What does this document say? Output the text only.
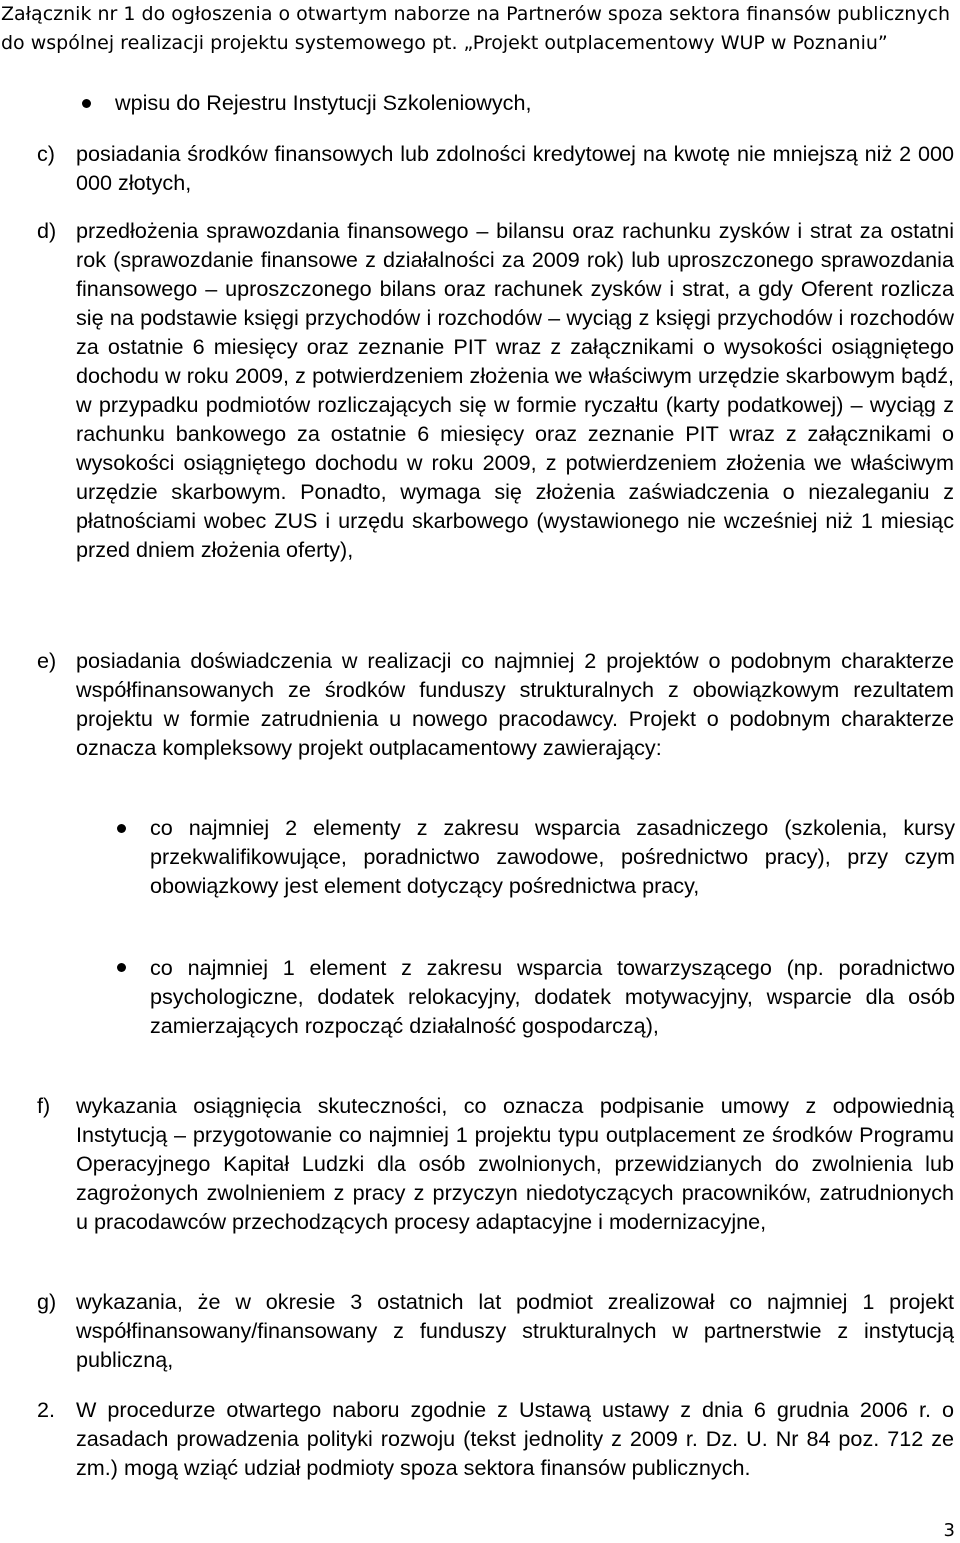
Załącznik nr 1 do ogłoszenia o otwartym naborze na Partnerów spoza sektora finansów publicznych
do wspólnej realizacji projektu systemowego pt. „Projekt outplacementowy WUP w Poznaniu”
wpisu do Rejestru Instytucji Szkoleniowych,
c) posiadania środków finansowych lub zdolności kredytowej na kwotę nie mniejszą niż 2 000 000 złotych,
d) przedłożenia sprawozdania finansowego – bilansu oraz rachunku zysków i strat za ostatni rok (sprawozdanie finansowe z działalności za 2009 rok) lub uproszczonego sprawozdania finansowego – uproszczonego bilans oraz rachunek zysków i strat, a gdy Oferent rozlicza się na podstawie księgi przychodów i rozchodów – wyciąg z księgi przychodów i rozchodów za ostatnie 6 miesięcy oraz zeznanie PIT wraz z załącznikami o wysokości osiągniętego dochodu w roku 2009, z potwierdzeniem złożenia we właściwym urzędzie skarbowym bądź, w przypadku podmiotów rozliczających się w formie ryczałtu (karty podatkowej) – wyciąg z rachunku bankowego za ostatnie 6 miesięcy oraz zeznanie PIT wraz z załącznikami o wysokości osiągniętego dochodu w roku 2009, z potwierdzeniem złożenia we właściwym urzędzie skarbowym. Ponadto, wymaga się złożenia zaświadczenia o niezaleganiu z płatnościami wobec ZUS i urzędu skarbowego (wystawionego nie wcześniej niż 1 miesiąc przed dniem złożenia oferty),
e) posiadania doświadczenia w realizacji co najmniej 2 projektów o podobnym charakterze współfinansowanych ze środków funduszy strukturalnych z obowiązkowym rezultatem projektu w formie zatrudnienia u nowego pracodawcy. Projekt o podobnym charakterze oznacza kompleksowy projekt outplacamentowy zawierający:
co najmniej 2 elementy z zakresu wsparcia zasadniczego (szkolenia, kursy przekwalifikowujące, poradnictwo zawodowe, pośrednictwo pracy), przy czym obowiązkowy jest element dotyczący pośrednictwa pracy,
co najmniej 1 element z zakresu wsparcia towarzyszącego (np. poradnictwo psychologiczne, dodatek relokacyjny, dodatek motywacyjny, wsparcie dla osób zamierzających rozpocząć działalność gospodarczą),
f) wykazania osiągnięcia skuteczności, co oznacza podpisanie umowy z odpowiednią Instytucją – przygotowanie co najmniej 1 projektu typu outplacement ze środków Programu Operacyjnego Kapitał Ludzki dla osób zwolnionych, przewidzianych do zwolnienia lub zagrożonych zwolnieniem z pracy z przyczyn niedotyczących pracowników, zatrudnionych u pracodawców przechodzących procesy adaptacyjne i modernizacyjne,
g) wykazania, że w okresie 3 ostatnich lat podmiot zrealizował co najmniej 1 projekt współfinansowany/finansowany z funduszy strukturalnych w partnerstwie z instytucją publiczną,
2. W procedurze otwartego naboru zgodnie z Ustawą ustawy z dnia 6 grudnia 2006 r. o zasadach prowadzenia polityki rozwoju (tekst jednolity z 2009 r. Dz. U. Nr 84 poz. 712 ze zm.) mogą wziąć udział podmioty spoza sektora finansów publicznych.
3
